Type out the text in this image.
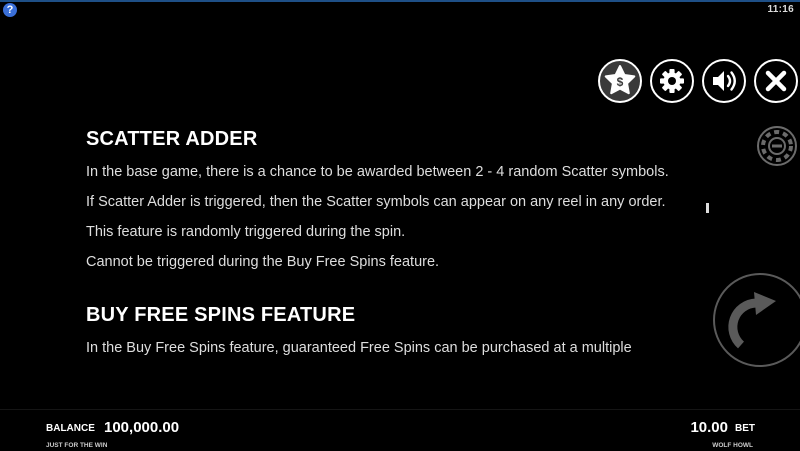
?	11:16
$
SCATTER ADDER

In the base game, there is a chance to be awarded between 2 - 4 random Scatter symbols.

If Scatter Adder is triggered, then the Scatter symbols can appear on any reel in any order.

This feature is randomly triggered during the spin.

Cannot be triggered during the Buy Free Spins feature.

BUY FREE SPINS FEATURE

In the Buy Free Spins feature, guaranteed Free Spins can be purchased at a multiple

BALANCE 100,000.00
JUST FOR THE WIN
10.00 BET
WOLF HOWL
